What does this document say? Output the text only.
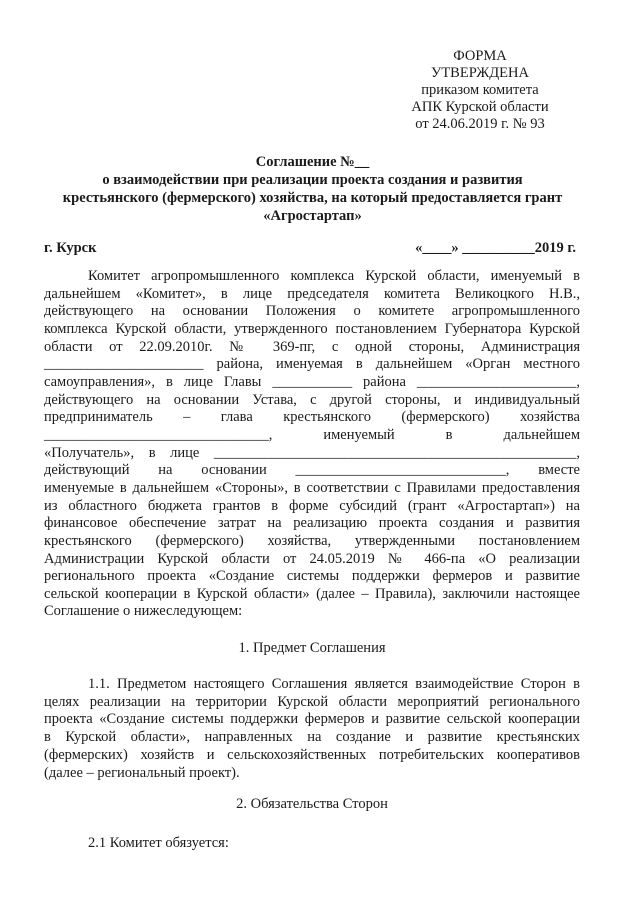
ФОРМА
УТВЕРЖДЕНА
приказом комитета
АПК Курской области
от 24.06.2019 г. № 93
Соглашение №__
о взаимодействии при реализации проекта создания и развития
крестьянского (фермерского) хозяйства, на который предоставляется грант
«Агростартап»
г. Курск	«____» __________2019 г.
Комитет агропромышленного комплекса Курской области, именуемый в
дальнейшем «Комитет», в лице председателя комитета Великоцкого Н.В.,
действующего на основании Положения о комитете агропромышленного
комплекса Курской области, утвержденного постановлением Губернатора Курской
области от 22.09.2010г. № 369-пг, с одной стороны, Администрация
______________________ района, именуемая в дальнейшем «Орган местного
самоуправления», в лице Главы ___________ района ______________________,
действующего на основании Устава, с другой стороны, и индивидуальный
предприниматель – глава крестьянского (фермерского) хозяйства
_______________________________, именуемый в дальнейшем
«Получатель», в лице __________________________________________________,
действующий на основании _____________________________, вместе
именуемые в дальнейшем «Стороны», в соответствии с Правилами предоставления
из областного бюджета грантов в форме субсидий (грант «Агростартап») на
финансовое обеспечение затрат на реализацию проекта создания и развития
крестьянского (фермерского) хозяйства, утвержденными постановлением
Администрации Курской области от 24.05.2019 № 466-па «О реализации
регионального проекта «Создание системы поддержки фермеров и развитие
сельской кооперации в Курской области» (далее – Правила), заключили настоящее
Соглашение о нижеследующем:
1. Предмет Соглашения
1.1. Предметом настоящего Соглашения является взаимодействие Сторон в
целях реализации на территории Курской области мероприятий регионального
проекта «Создание системы поддержки фермеров и развитие сельской кооперации
в Курской области», направленных на создание и развитие крестьянских
(фермерских) хозяйств и сельскохозяйственных потребительских кооперативов
(далее – региональный проект).
2. Обязательства Сторон
2.1 Комитет обязуется:
